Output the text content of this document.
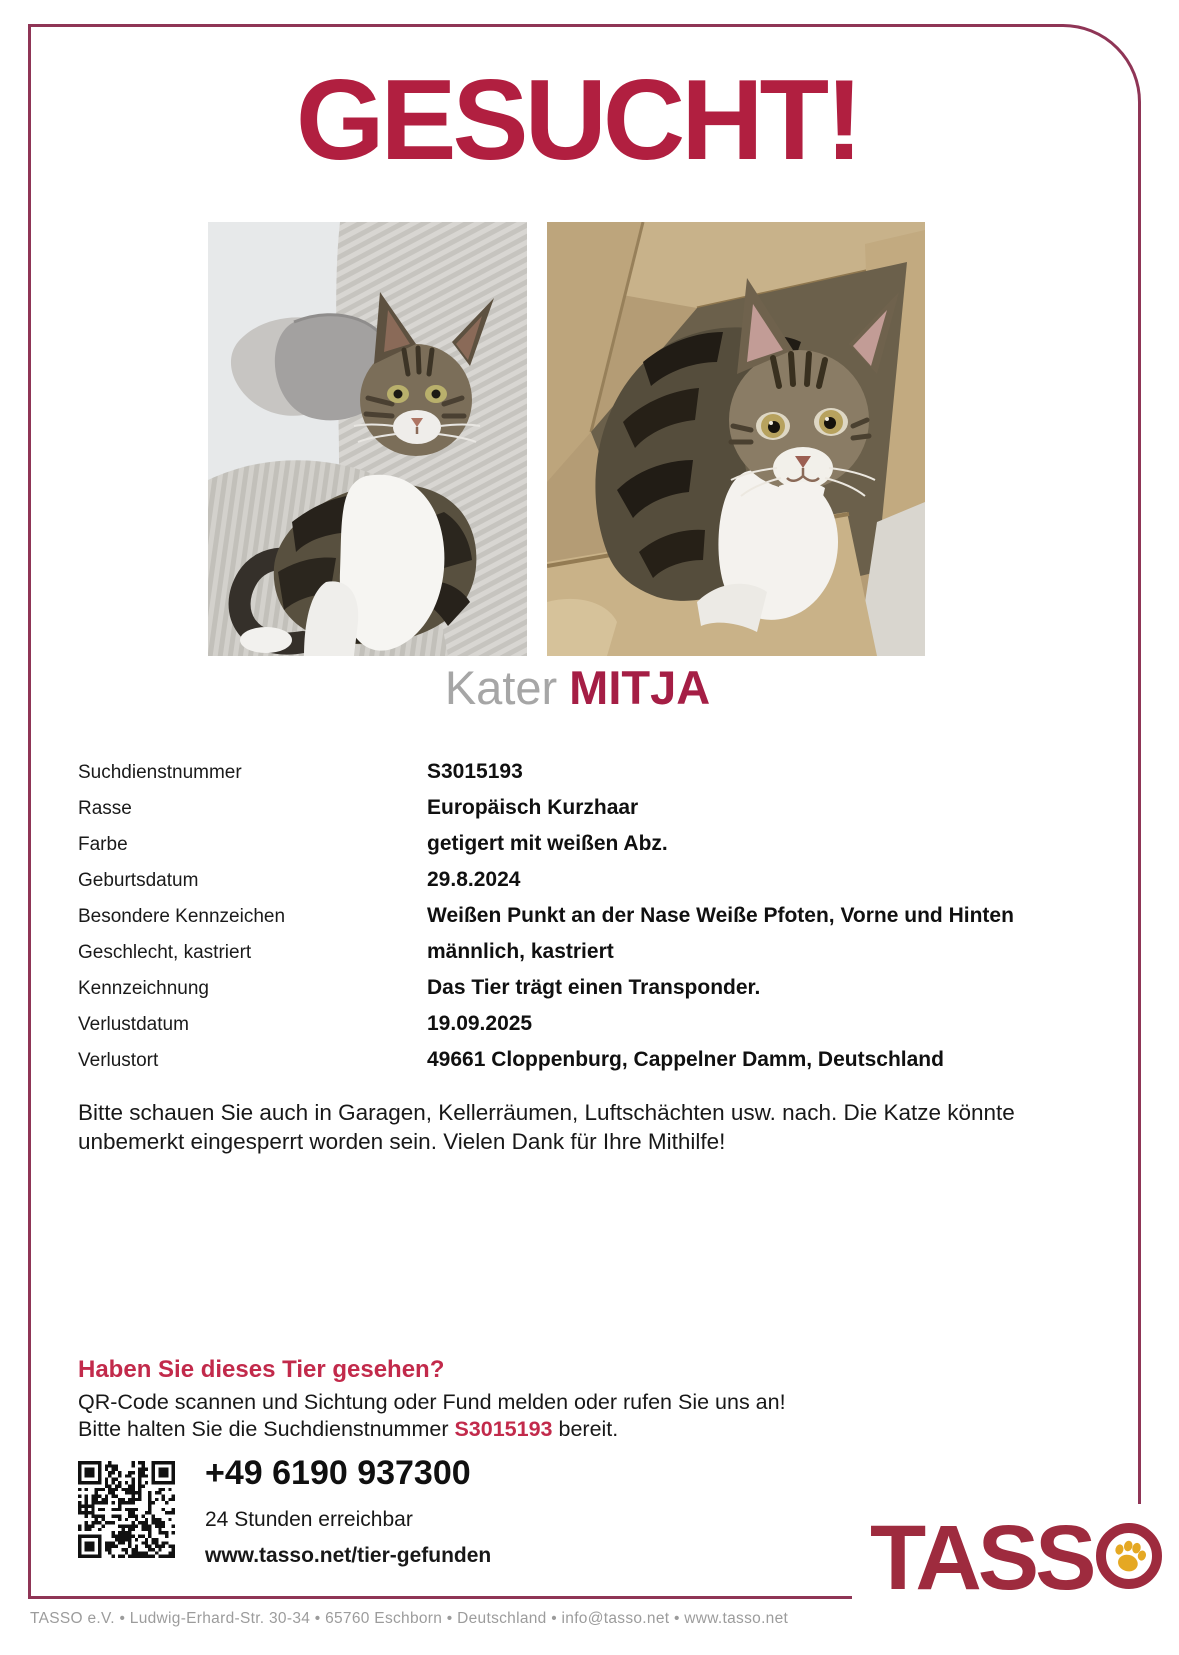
GESUCHT!
Kater MITJA
Suchdienstnummer	S3015193
Rasse	Europäisch Kurzhaar
Farbe	getigert mit weißen Abz.
Geburtsdatum	29.8.2024
Besondere Kennzeichen	Weißen Punkt an der Nase Weiße Pfoten, Vorne und Hinten
Geschlecht, kastriert	männlich, kastriert
Kennzeichnung	Das Tier trägt einen Transponder.
Verlustdatum	19.09.2025
Verlustort	49661 Cloppenburg, Cappelner Damm, Deutschland

Bitte schauen Sie auch in Garagen, Kellerräumen, Luftschächten usw. nach. Die Katze könnte unbemerkt eingesperrt worden sein. Vielen Dank für Ihre Mithilfe!

Haben Sie dieses Tier gesehen?
QR-Code scannen und Sichtung oder Fund melden oder rufen Sie uns an!
Bitte halten Sie die Suchdienstnummer S3015193 bereit.
+49 6190 937300
24 Stunden erreichbar
www.tasso.net/tier-gefunden	TASS
TASSO e.V. • Ludwig-Erhard-Str. 30-34 • 65760 Eschborn • Deutschland • info@tasso.net • www.tasso.net
